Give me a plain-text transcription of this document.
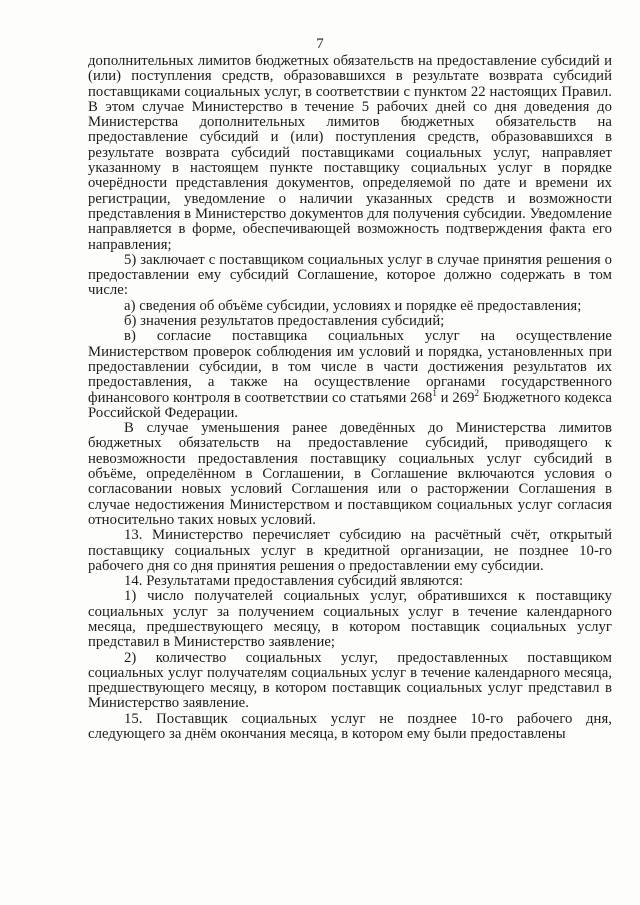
7

дополнительных лимитов бюджетных обязательств на предоставление субсидий и (или) поступления средств, образовавшихся в результате возврата субсидий поставщиками социальных услуг, в соответствии с пунктом 22 настоящих Правил. В этом случае Министерство в течение 5 рабочих дней со дня доведения до Министерства дополнительных лимитов бюджетных обязательств на предоставление субсидий и (или) поступления средств, образовавшихся в результате возврата субсидий поставщиками социальных услуг, направляет указанному в настоящем пункте поставщику социальных услуг в порядке очерёдности представления документов, определяемой по дате и времени их регистрации, уведомление о наличии указанных средств и возможности представления в Министерство документов для получения субсидии. Уведомление направляется в форме, обеспечивающей возможность подтверждения факта его направления;

5) заключает с поставщиком социальных услуг в случае принятия решения о предоставлении ему субсидий Соглашение, которое должно содержать в том числе:

а) сведения об объёме субсидии, условиях и порядке её предоставления;

б) значения результатов предоставления субсидий;

в) согласие поставщика социальных услуг на осуществление Министерством проверок соблюдения им условий и порядка, установленных при предоставлении субсидии, в том числе в части достижения результатов их предоставления, а также на осуществление органами государственного финансового контроля в соответствии со статьями $268^1$ и $269^2$ Бюджетного кодекса Российской Федерации.

В случае уменьшения ранее доведённых до Министерства лимитов бюджетных обязательств на предоставление субсидий, приводящего к невозможности предоставления поставщику социальных услуг субсидий в объёме, определённом в Соглашении, в Соглашение включаются условия о согласовании новых условий Соглашения или о расторжении Соглашения в случае недостижения Министерством и поставщиком социальных услуг согласия относительно таких новых условий.

13. Министерство перечисляет субсидию на расчётный счёт, открытый поставщику социальных услуг в кредитной организации, не позднее 10-го рабочего дня со дня принятия решения о предоставлении ему субсидии.

14. Результатами предоставления субсидий являются:

1) число получателей социальных услуг, обратившихся к поставщику социальных услуг за получением социальных услуг в течение календарного месяца, предшествующего месяцу, в котором поставщик социальных услуг представил в Министерство заявление;

2) количество социальных услуг, предоставленных поставщиком социальных услуг получателям социальных услуг в течение календарного месяца, предшествующего месяцу, в котором поставщик социальных услуг представил в Министерство заявление.

15. Поставщик социальных услуг не позднее 10-го рабочего дня, следующего за днём окончания месяца, в котором ему были предоставлены
